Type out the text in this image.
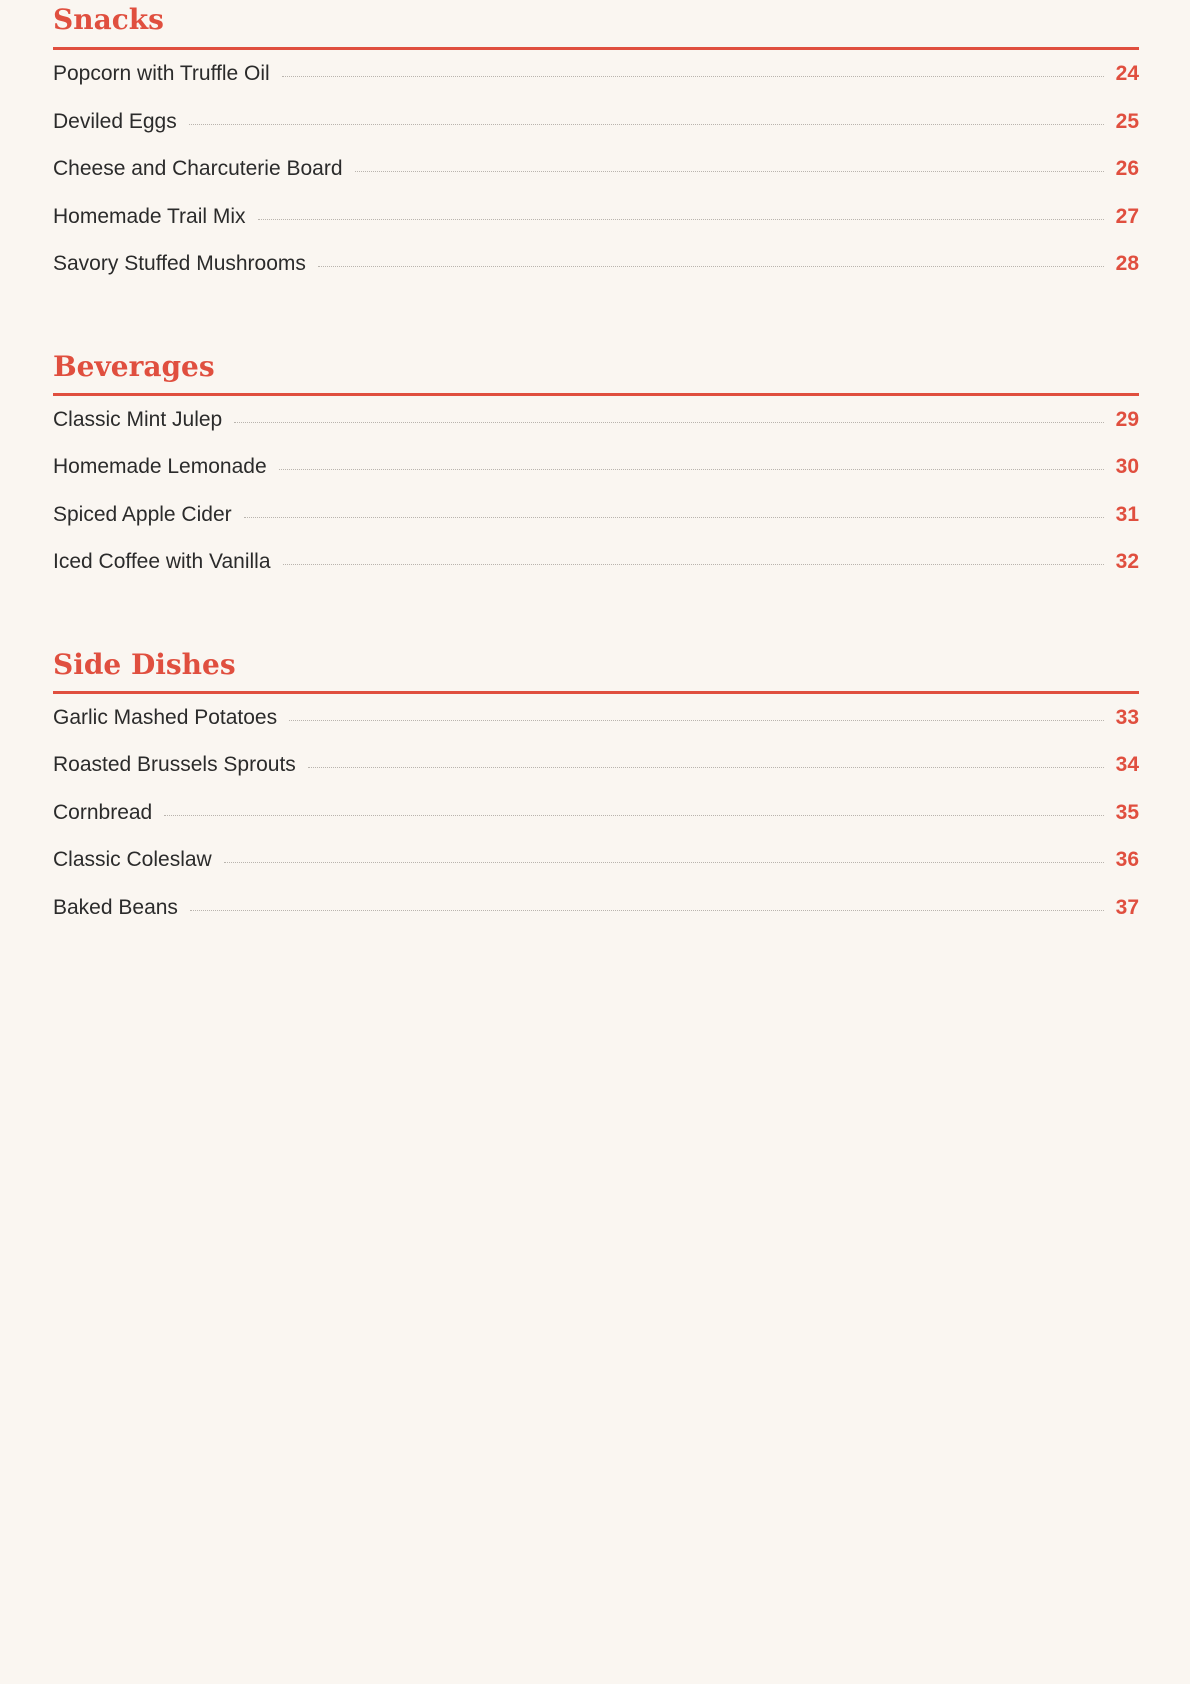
Snacks
Popcorn with Truffle Oil	24
Deviled Eggs	25
Cheese and Charcuterie Board	26
Homemade Trail Mix	27
Savory Stuffed Mushrooms	28
Beverages
Classic Mint Julep	29
Homemade Lemonade	30
Spiced Apple Cider	31
Iced Coffee with Vanilla	32
Side Dishes
Garlic Mashed Potatoes	33
Roasted Brussels Sprouts	34
Cornbread	35
Classic Coleslaw	36
Baked Beans	37
